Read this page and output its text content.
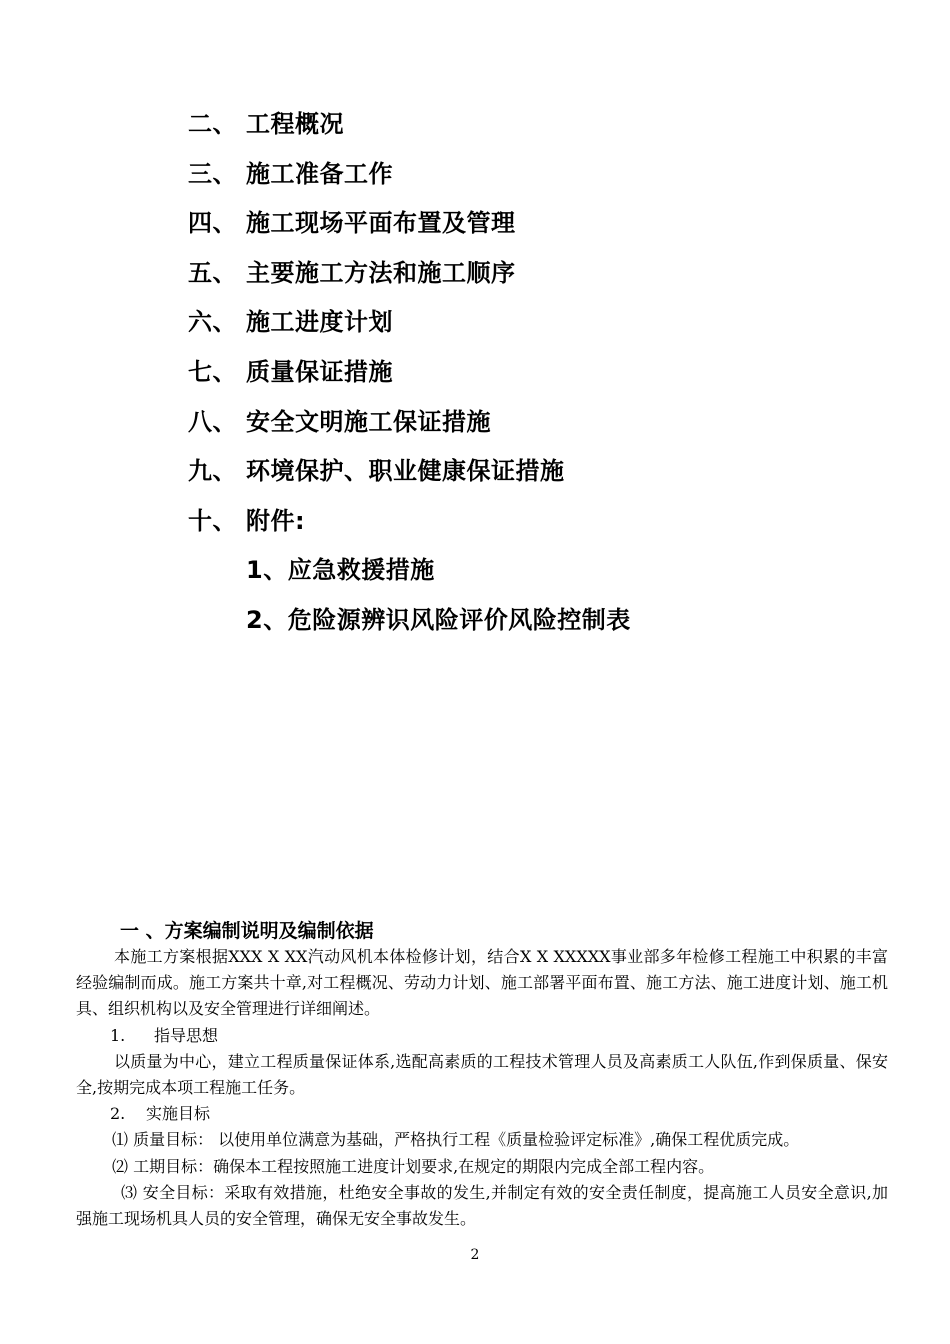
二、 工程概况
三、 施工准备工作
四、 施工现场平面布置及管理
五、 主要施工方法和施工顺序
六、 施工进度计划
七、 质量保证措施
八、 安全文明施工保证措施
九、 环境保护、职业健康保证措施
十、 附件:
1、应急救援措施
2、危险源辨识风险评价风险控制表
一 、方案编制说明及编制依据

本施工方案根据XXX X XX汽动风机本体检修计划，结合X X XXXXX事业部多年检修工程施工中积累的丰富经验编制而成。施工方案共十章,对工程概况、劳动力计划、施工部署平面布置、施工方法、施工进度计划、施工机具、组织机构以及安全管理进行详细阐述。

1. 指导思想

以质量为中心，建立工程质量保证体系,选配高素质的工程技术管理人员及高素质工人队伍,作到保质量、保安全,按期完成本项工程施工任务。

2. 实施目标

⑴ 质量目标： 以使用单位满意为基础，严格执行工程《质量检验评定标准》,确保工程优质完成。

⑵ 工期目标：确保本工程按照施工进度计划要求,在规定的期限内完成全部工程内容。

⑶ 安全目标：采取有效措施，杜绝安全事故的发生,并制定有效的安全责任制度，提高施工人员安全意识,加强施工现场机具人员的安全管理，确保无安全事故发生。

2
